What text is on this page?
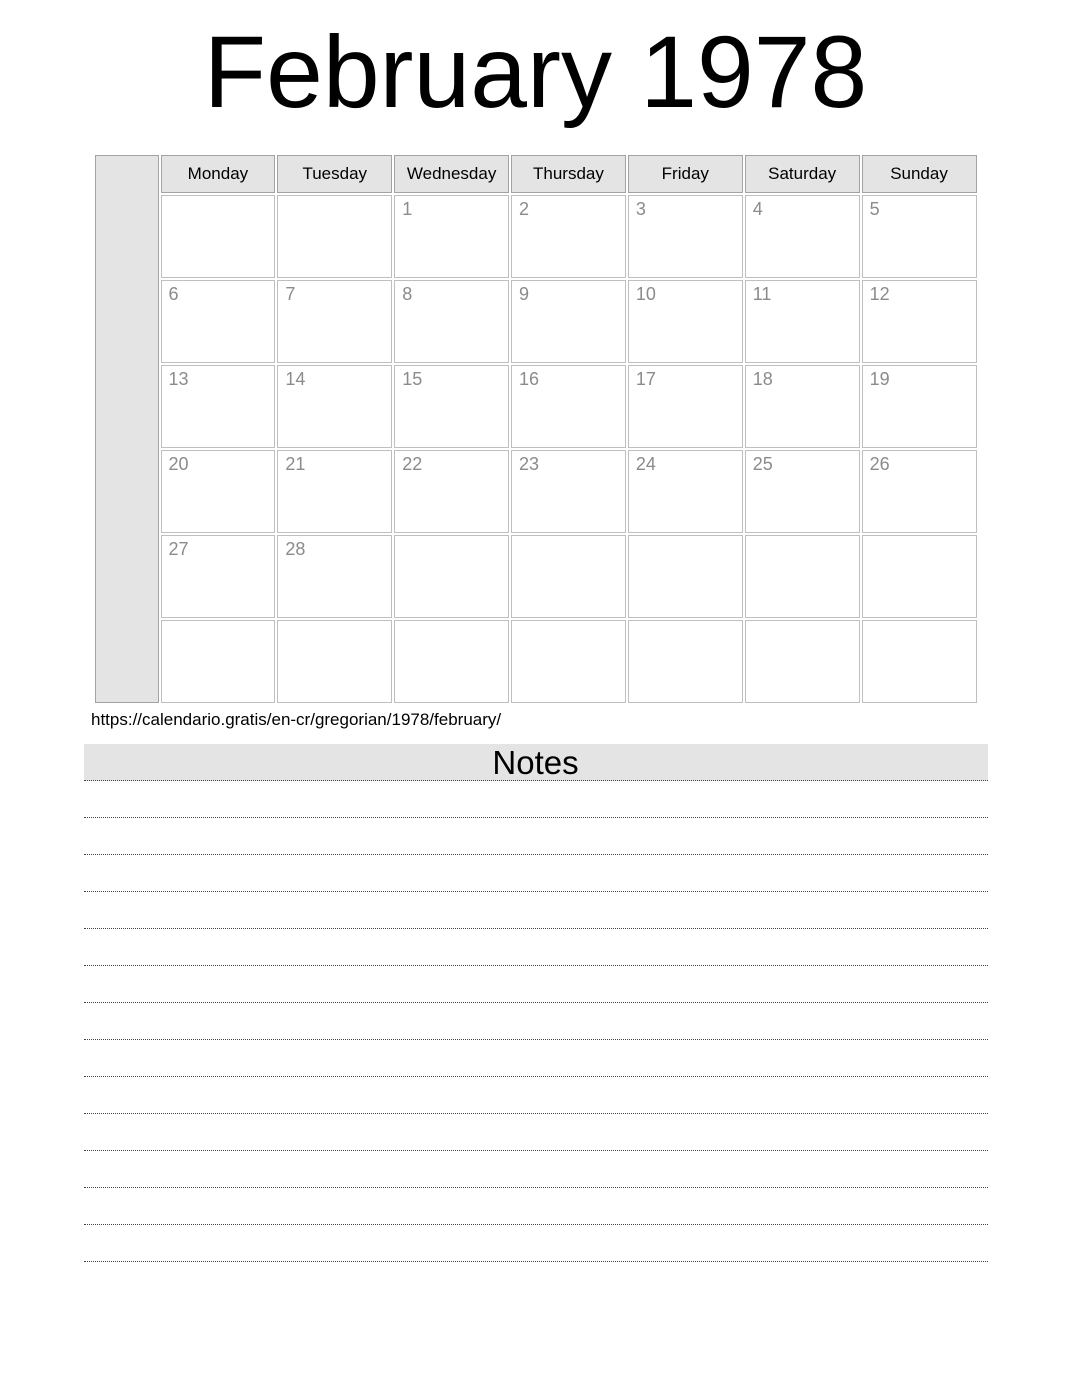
February 1978
	Monday	Tuesday	Wednesday	Thursday	Friday	Saturday	Sunday
			1	2	3	4	5
	6	7	8	9	10	11	12
	13	14	15	16	17	18	19
	20	21	22	23	24	25	26
	27	28					

https://calendario.gratis/en-cr/gregorian/1978/february/
Notes
